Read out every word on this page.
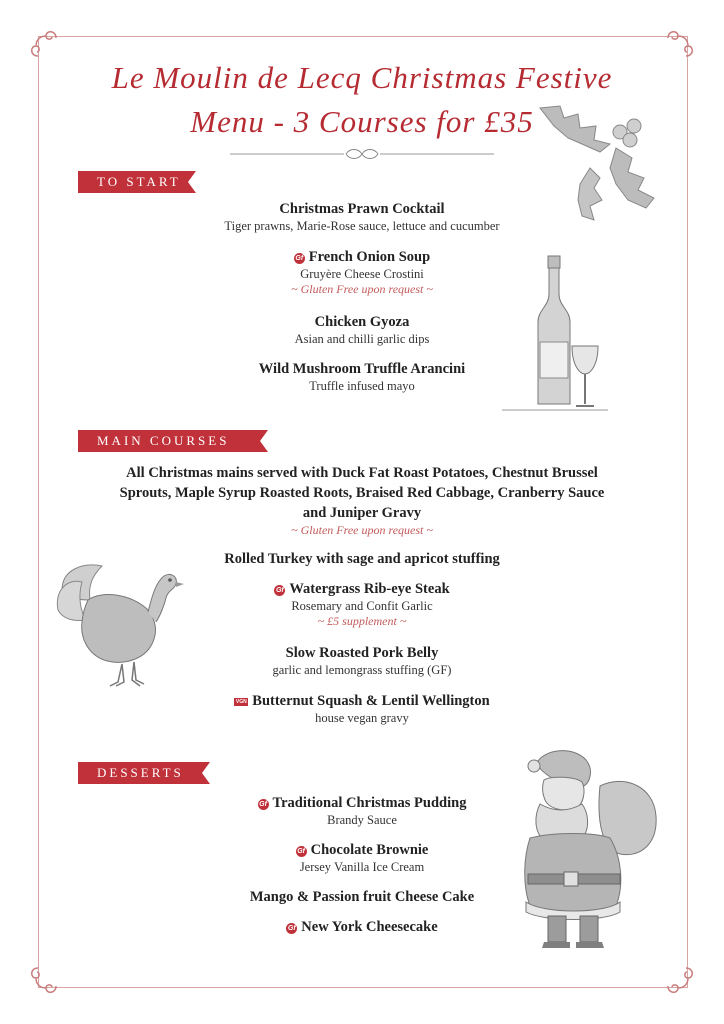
Le Moulin de Lecq Christmas Festive
Menu - 3 Courses for £35
TO START
Christmas Prawn Cocktail
Tiger prawns, Marie-Rose sauce, lettuce and cucumber
Gf French Onion Soup
Gruyère Cheese Crostini
~ Gluten Free upon request ~
Chicken Gyoza
Asian and chilli garlic dips
Wild Mushroom Truffle Arancini
Truffle infused mayo
MAIN COURSES
All Christmas mains served with Duck Fat Roast Potatoes, Chestnut Brussel
Sprouts, Maple Syrup Roasted Roots, Braised Red Cabbage, Cranberry Sauce
and Juniper Gravy
~ Gluten Free upon request ~
Rolled Turkey with sage and apricot stuffing
Gf Watergrass Rib-eye Steak
Rosemary and Confit Garlic
~ £5 supplement ~
Slow Roasted Pork Belly
garlic and lemongrass stuffing (GF)
VGN Butternut Squash & Lentil Wellington
house vegan gravy
DESSERTS
Gf Traditional Christmas Pudding
Brandy Sauce
Gf Chocolate Brownie
Jersey Vanilla Ice Cream
Mango & Passion fruit Cheese Cake
Gf New York Cheesecake
